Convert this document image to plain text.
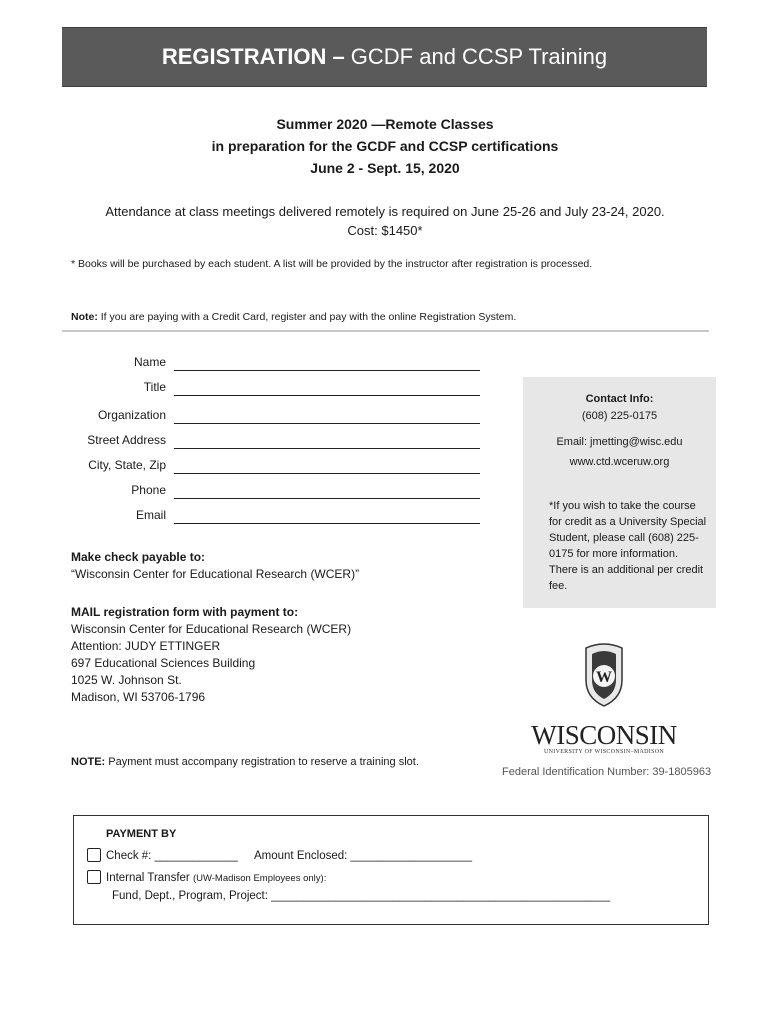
REGISTRATION – GCDF and CCSP Training
Summer 2020 —Remote Classes
in preparation for the GCDF and CCSP certifications
June 2 - Sept. 15, 2020
Attendance at class meetings delivered remotely is required on June 25-26 and July 23-24, 2020.
Cost: $1450*
* Books will be purchased by each student. A list will be provided by the instructor after registration is processed.
Note: If you are paying with a Credit Card, register and pay with the online Registration System.
Name
Title
Organization
Street Address
City, State, Zip
Phone
Email
Contact Info:
(608) 225-0175
Email: jmetting@wisc.edu
www.ctd.wceruw.org
*If you wish to take the course for credit as a University Special Student, please call (608) 225-0175 for more information. There is an additional per credit fee.
Make check payable to:
“Wisconsin Center for Educational Research (WCER)”
MAIL registration form with payment to:
Wisconsin Center for Educational Research (WCER)
Attention: JUDY ETTINGER
697 Educational Sciences Building
1025 W. Johnson St.
Madison, WI 53706-1796
NOTE: Payment must accompany registration to reserve a training slot.
W
WISCONSIN
UNIVERSITY OF WISCONSIN–MADISON
Federal Identification Number: 39-1805963
PAYMENT BY
Check #: _____________ Amount Enclosed: ___________________
Internal Transfer (UW-Madison Employees only):
Fund, Dept., Program, Project: _____________________________________________________
